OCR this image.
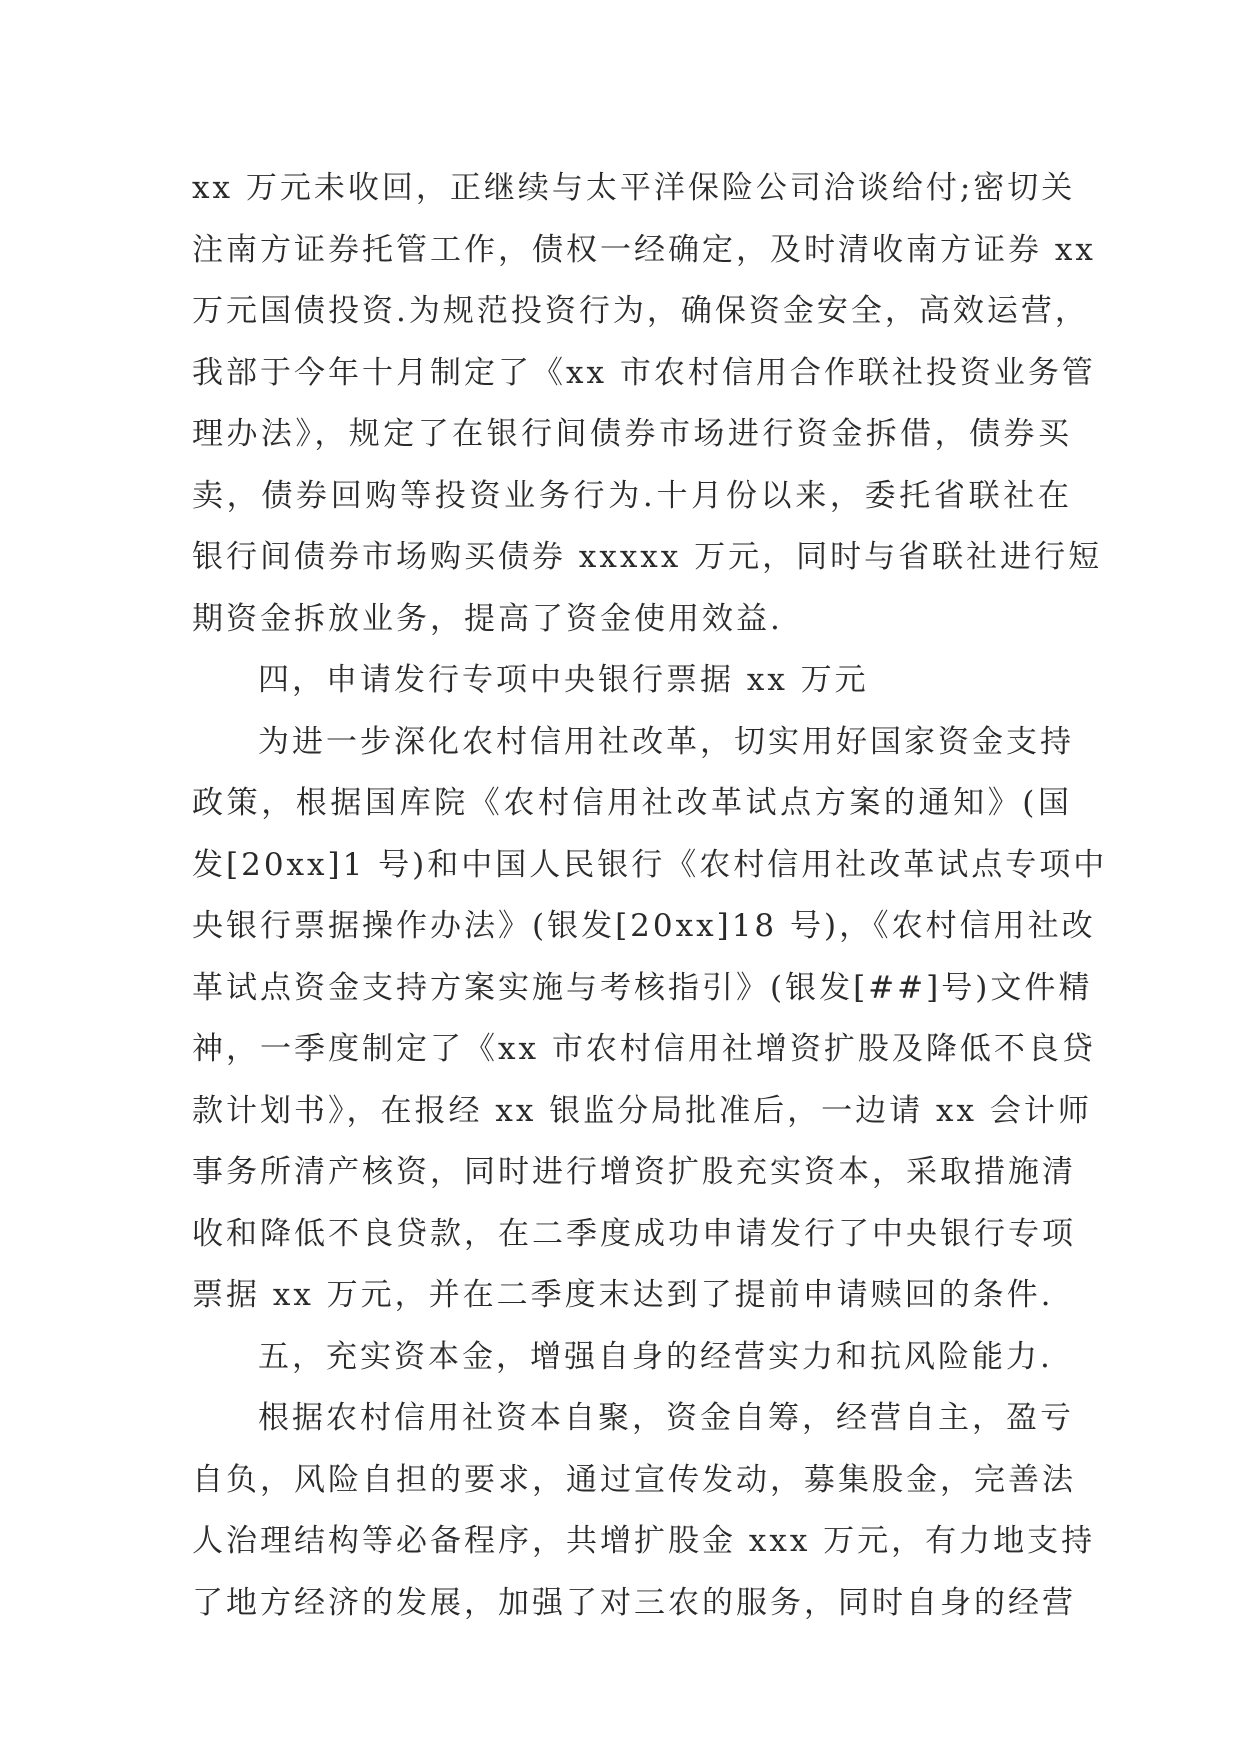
xx 万元未收回，正继续与太平洋保险公司洽谈给付;密切关
注南方证券托管工作，债权一经确定，及时清收南方证券 xx
万元国债投资.为规范投资行为，确保资金安全，高效运营，
我部于今年十月制定了《xx 市农村信用合作联社投资业务管
理办法》，规定了在银行间债券市场进行资金拆借，债券买
卖，债券回购等投资业务行为.十月份以来，委托省联社在
银行间债券市场购买债券 xxxxx 万元，同时与省联社进行短
期资金拆放业务，提高了资金使用效益.
四，申请发行专项中央银行票据 xx 万元
为进一步深化农村信用社改革，切实用好国家资金支持
政策，根据国库院《农村信用社改革试点方案的通知》(国
发[20xx]1 号)和中国人民银行《农村信用社改革试点专项中
央银行票据操作办法》(银发[20xx]18 号)，《农村信用社改
革试点资金支持方案实施与考核指引》(银发[##]号)文件精
神，一季度制定了《xx 市农村信用社增资扩股及降低不良贷
款计划书》，在报经 xx 银监分局批准后，一边请 xx 会计师
事务所清产核资，同时进行增资扩股充实资本，采取措施清
收和降低不良贷款，在二季度成功申请发行了中央银行专项
票据 xx 万元，并在二季度末达到了提前申请赎回的条件.
五，充实资本金，增强自身的经营实力和抗风险能力.
根据农村信用社资本自聚，资金自筹，经营自主，盈亏
自负，风险自担的要求，通过宣传发动，募集股金，完善法
人治理结构等必备程序，共增扩股金 xxx 万元，有力地支持
了地方经济的发展，加强了对三农的服务，同时自身的经营
